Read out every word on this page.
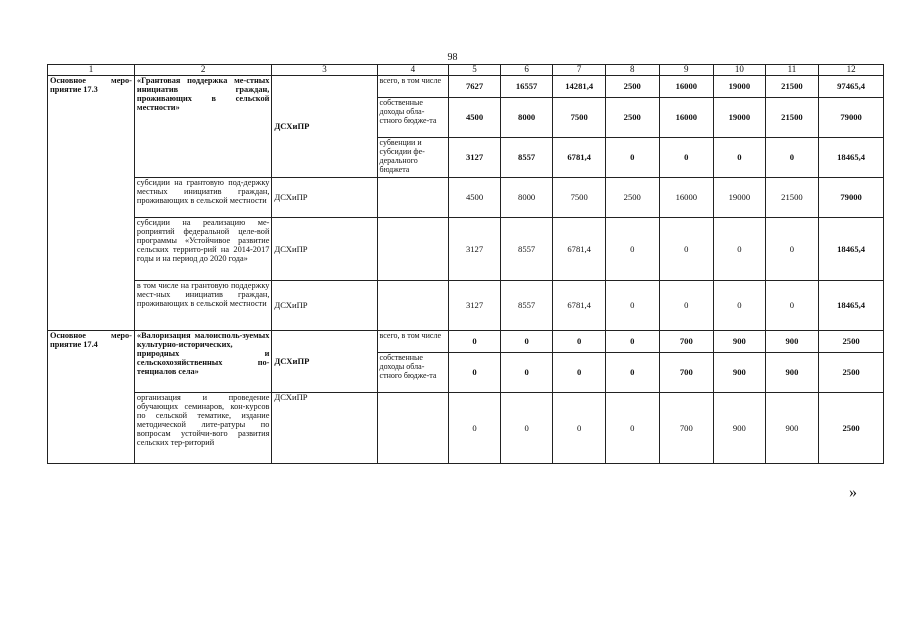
98
1	2	3	4	5	6	7	8	9	10	11	12
Основное меро-приятие 17.3	«Грантовая поддержка ме-стных инициатив граждан, проживающих в сельской местности»	ДСХиПР	всего, в том числе	7627	16557	14281,4	2500	16000	19000	21500	97465,4
			собственные доходы обла-стного бюдже-та	4500	8000	7500	2500	16000	19000	21500	79000
			субвенции и субсидии фе-дерального бюджета	3127	8557	6781,4	0	0	0	0	18465,4
	субсидии на грантовую под-держку местных инициатив граждан, проживающих в сельской местности	ДСХиПР		4500	8000	7500	2500	16000	19000	21500	79000
	субсидии на реализацию ме-роприятий федеральной целе-вой программы «Устойчивое развитие сельских террито-рий на 2014-2017 годы и на период до 2020 года»	ДСХиПР		3127	8557	6781,4	0	0	0	0	18465,4
	в том числе на грантовую поддержку мест-ных инициатив граждан, проживающих в сельской местности	ДСХиПР		3127	8557	6781,4	0	0	0	0	18465,4
Основное меро-приятие 17.4	«Валоризация малоисполь-зуемых культурно-исторических, природных и сельскохозяйственных по-тенциалов села»	ДСХиПР	всего, в том числе	0	0	0	0	700	900	900	2500
			собственные доходы обла-стного бюдже-та	0	0	0	0	700	900	900	2500
	организация и проведение обучающих семинаров, кон-курсов по сельской тематике, издание методической лите-ратуры по вопросам устойчи-вого развития сельских тер-риторий	ДСХиПР		0	0	0	0	700	900	900	2500
»
